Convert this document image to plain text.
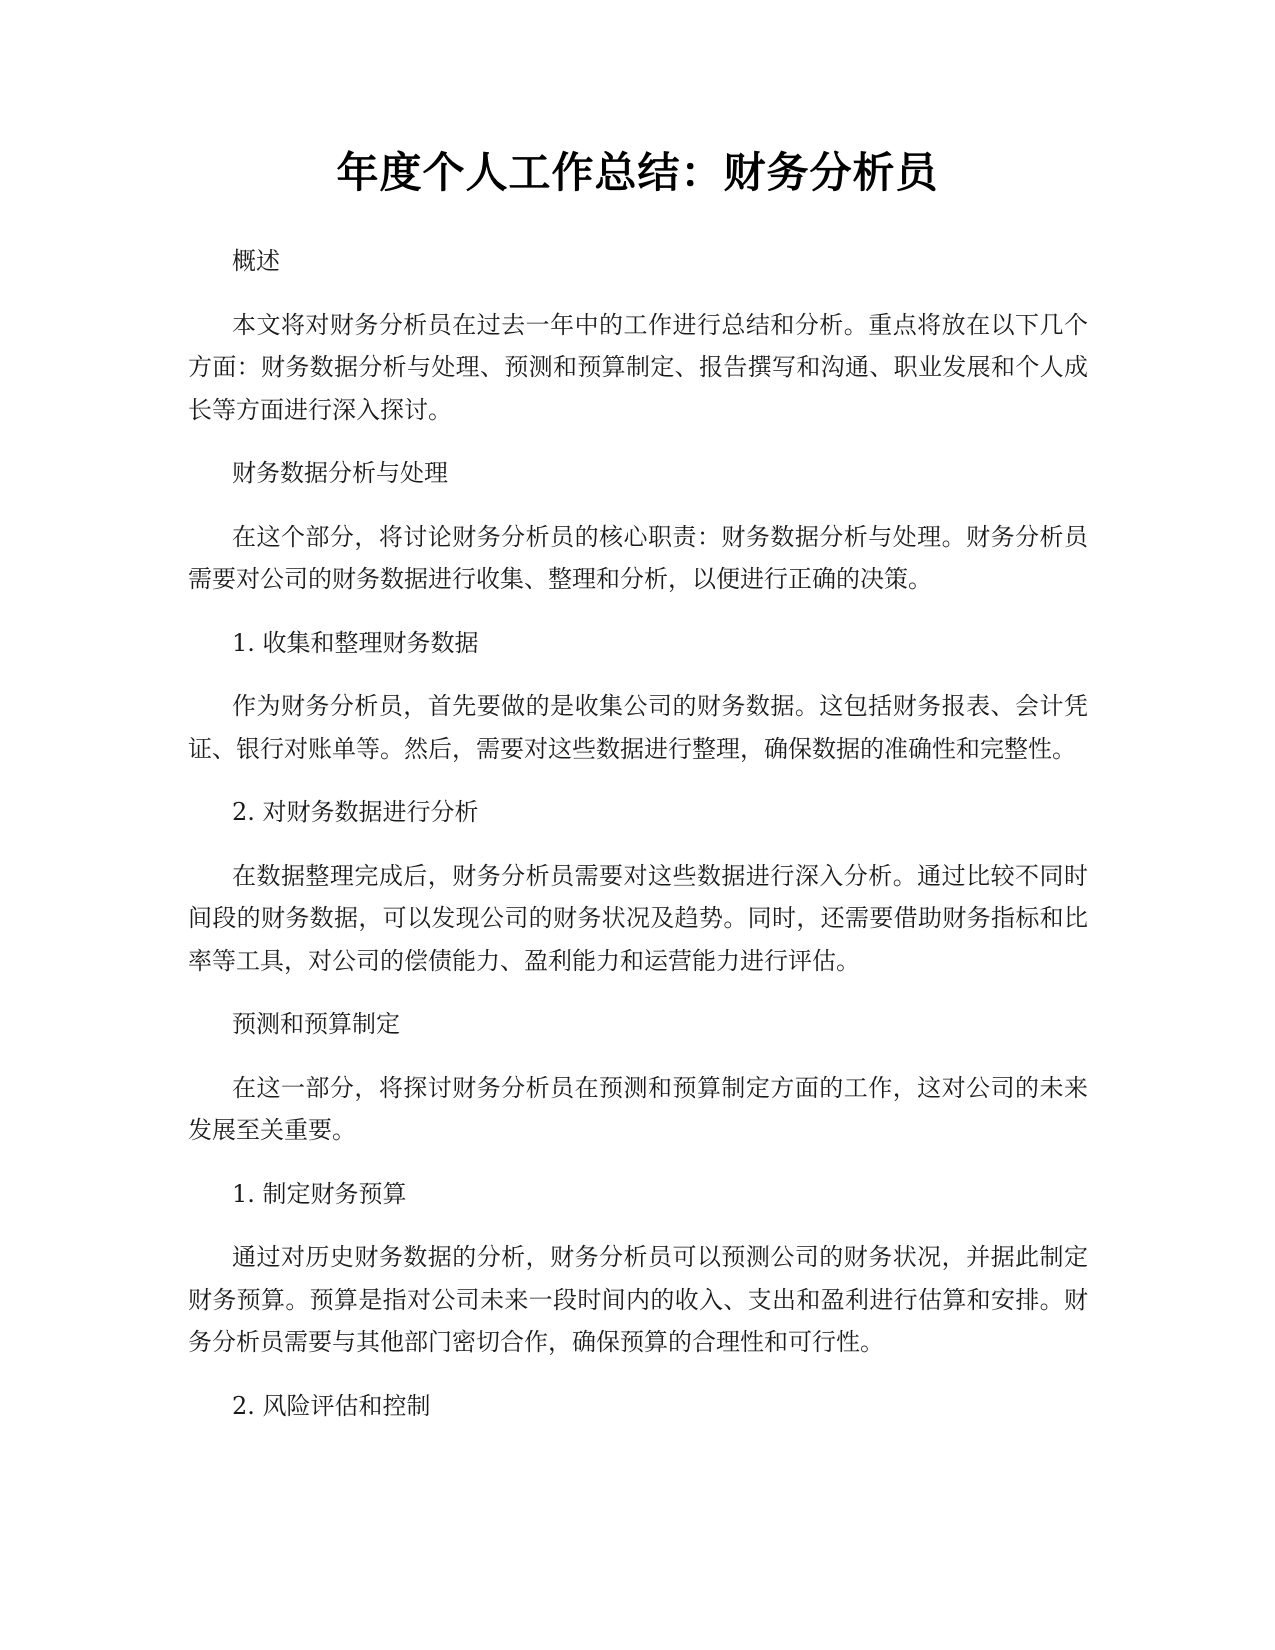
年度个人工作总结：财务分析员

概述

本文将对财务分析员在过去一年中的工作进行总结和分析。重点将放在以下几个方面：财务数据分析与处理、预测和预算制定、报告撰写和沟通、职业发展和个人成长等方面进行深入探讨。

财务数据分析与处理

在这个部分，将讨论财务分析员的核心职责：财务数据分析与处理。财务分析员需要对公司的财务数据进行收集、整理和分析，以便进行正确的决策。

1. 收集和整理财务数据

作为财务分析员，首先要做的是收集公司的财务数据。这包括财务报表、会计凭证、银行对账单等。然后，需要对这些数据进行整理，确保数据的准确性和完整性。

2. 对财务数据进行分析

在数据整理完成后，财务分析员需要对这些数据进行深入分析。通过比较不同时间段的财务数据，可以发现公司的财务状况及趋势。同时，还需要借助财务指标和比率等工具，对公司的偿债能力、盈利能力和运营能力进行评估。

预测和预算制定

在这一部分，将探讨财务分析员在预测和预算制定方面的工作，这对公司的未来发展至关重要。

1. 制定财务预算

通过对历史财务数据的分析，财务分析员可以预测公司的财务状况，并据此制定财务预算。预算是指对公司未来一段时间内的收入、支出和盈利进行估算和安排。财务分析员需要与其他部门密切合作，确保预算的合理性和可行性。

2. 风险评估和控制
